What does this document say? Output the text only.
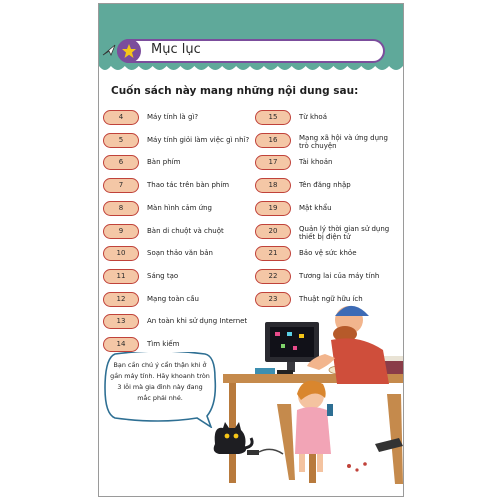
Mục lục
Cuốn sách này mang những nội dung sau:
4	Máy tính là gì?
5	Máy tính giỏi làm việc gì nhỉ?
6	Bàn phím
7	Thao tác trên bàn phím
8	Màn hình cảm ứng
9	Bàn di chuột và chuột
10	Soạn thảo văn bản
11	Sáng tạo
12	Mạng toàn cầu
13	An toàn khi sử dụng Internet
14	Tìm kiếm
15	Từ khoá
16	Mạng xã hội và ứng dụng trò chuyện
17	Tài khoản
18	Tên đăng nhập
19	Mật khẩu
20	Quản lý thời gian sử dụng thiết bị điện tử
21	Bảo vệ sức khỏe
22	Tương lai của máy tính
23	Thuật ngữ hữu ích
Bạn cần chú ý cẩn thận khi ở gần máy tính. Hãy khoanh tròn 3 lỗi mà gia đình này đang mắc phải nhé.
